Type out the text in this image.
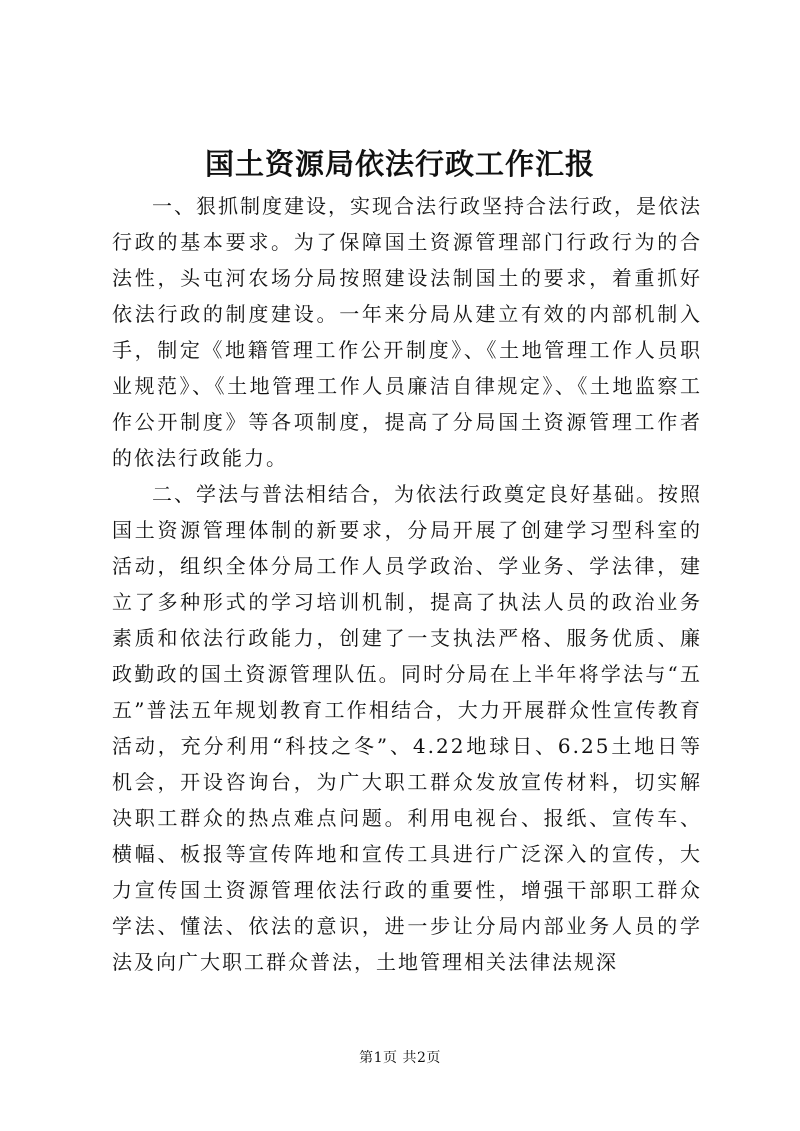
国土资源局依法行政工作汇报

一、狠抓制度建设，实现合法行政坚持合法行政，是依法行政的基本要求。为了保障国土资源管理部门行政行为的合法性，头屯河农场分局按照建设法制国土的要求，着重抓好依法行政的制度建设。一年来分局从建立有效的内部机制入手，制定《地籍管理工作公开制度》、《土地管理工作人员职业规范》、《土地管理工作人员廉洁自律规定》、《土地监察工作公开制度》等各项制度，提高了分局国土资源管理工作者的依法行政能力。

二、学法与普法相结合，为依法行政奠定良好基础。按照国土资源管理体制的新要求，分局开展了创建学习型科室的活动，组织全体分局工作人员学政治、学业务、学法律，建立了多种形式的学习培训机制，提高了执法人员的政治业务素质和依法行政能力，创建了一支执法严格、服务优质、廉政勤政的国土资源管理队伍。同时分局在上半年将学法与“五五”普法五年规划教育工作相结合，大力开展群众性宣传教育活动，充分利用“科技之冬”、4.22地球日、6.25土地日等机会，开设咨询台，为广大职工群众发放宣传材料，切实解决职工群众的热点难点问题。利用电视台、报纸、宣传车、横幅、板报等宣传阵地和宣传工具进行广泛深入的宣传，大力宣传国土资源管理依法行政的重要性，增强干部职工群众学法、懂法、依法的意识，进一步让分局内部业务人员的学法及向广大职工群众普法，土地管理相关法律法规深

第1页 共2页
